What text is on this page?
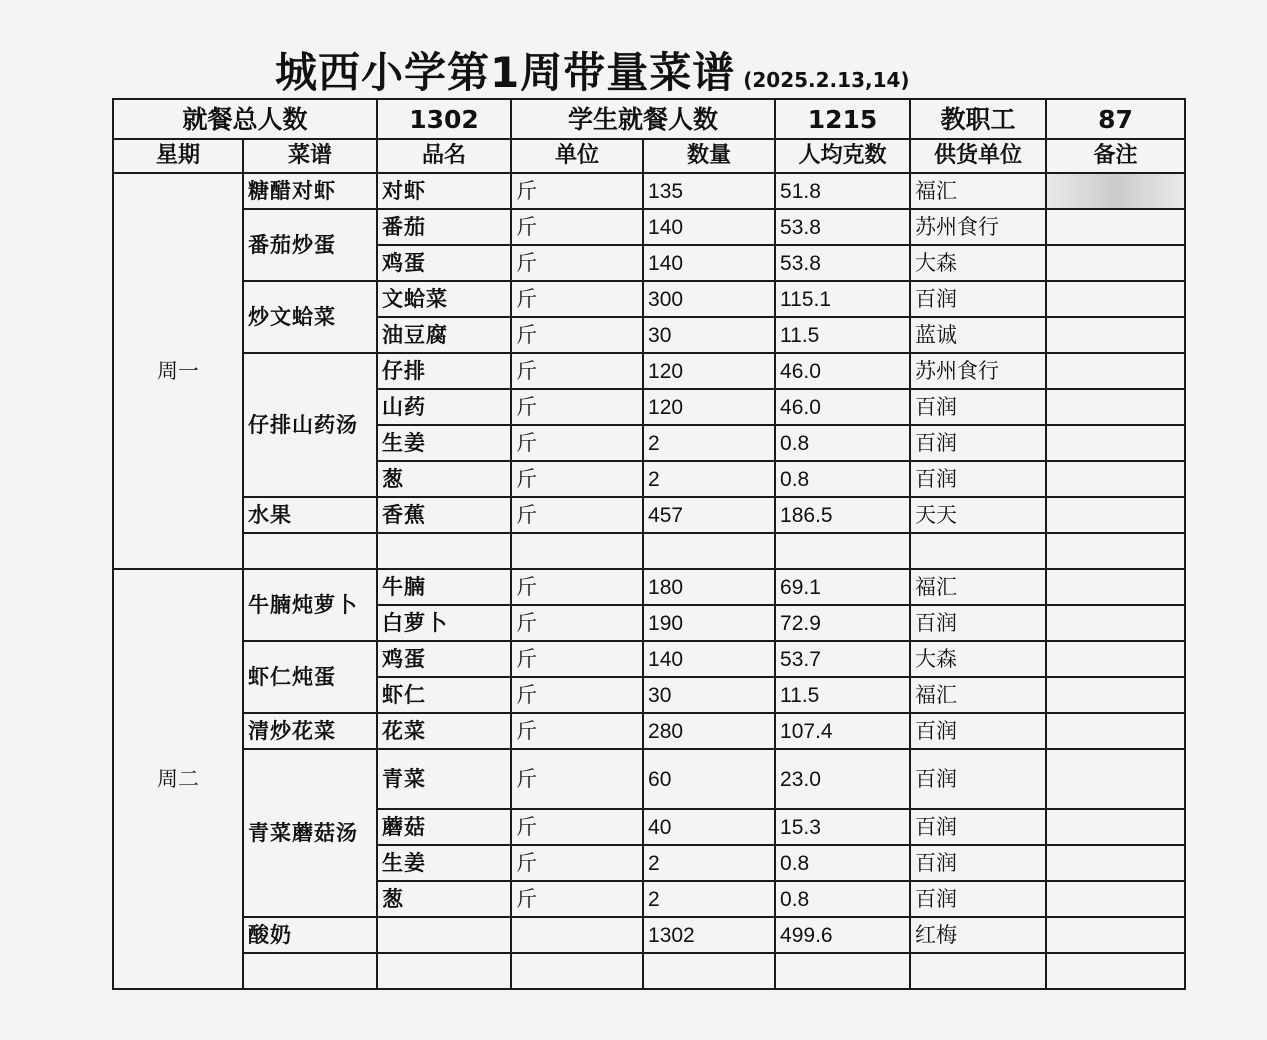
城西小学第1周带量菜谱 (2025.2.13,14)
就餐总人数		1302	学生就餐人数		1215	教职工	87
星期	菜谱	品名	单位	数量	人均克数	供货单位	备注
周一	糖醋对虾	对虾	斤	135	51.8	福汇	
	番茄炒蛋	番茄	斤	140	53.8	苏州食行	
		鸡蛋	斤	140	53.8	大森	
	炒文蛤菜	文蛤菜	斤	300	115.1	百润	
		油豆腐	斤	30	11.5	蓝诚	
	仔排山药汤	仔排	斤	120	46.0	苏州食行	
		山药	斤	120	46.0	百润	
		生姜	斤	2	0.8	百润	
		葱	斤	2	0.8	百润	
	水果	香蕉	斤	457	186.5	天天	

周二	牛腩炖萝卜	牛腩	斤	180	69.1	福汇	
		白萝卜	斤	190	72.9	百润	
	虾仁炖蛋	鸡蛋	斤	140	53.7	大森	
		虾仁	斤	30	11.5	福汇	
	清炒花菜	花菜	斤	280	107.4	百润	
	青菜蘑菇汤	青菜	斤	60	23.0	百润	
		蘑菇	斤	40	15.3	百润	
		生姜	斤	2	0.8	百润	
		葱	斤	2	0.8	百润	
	酸奶			1302	499.6	红梅	
